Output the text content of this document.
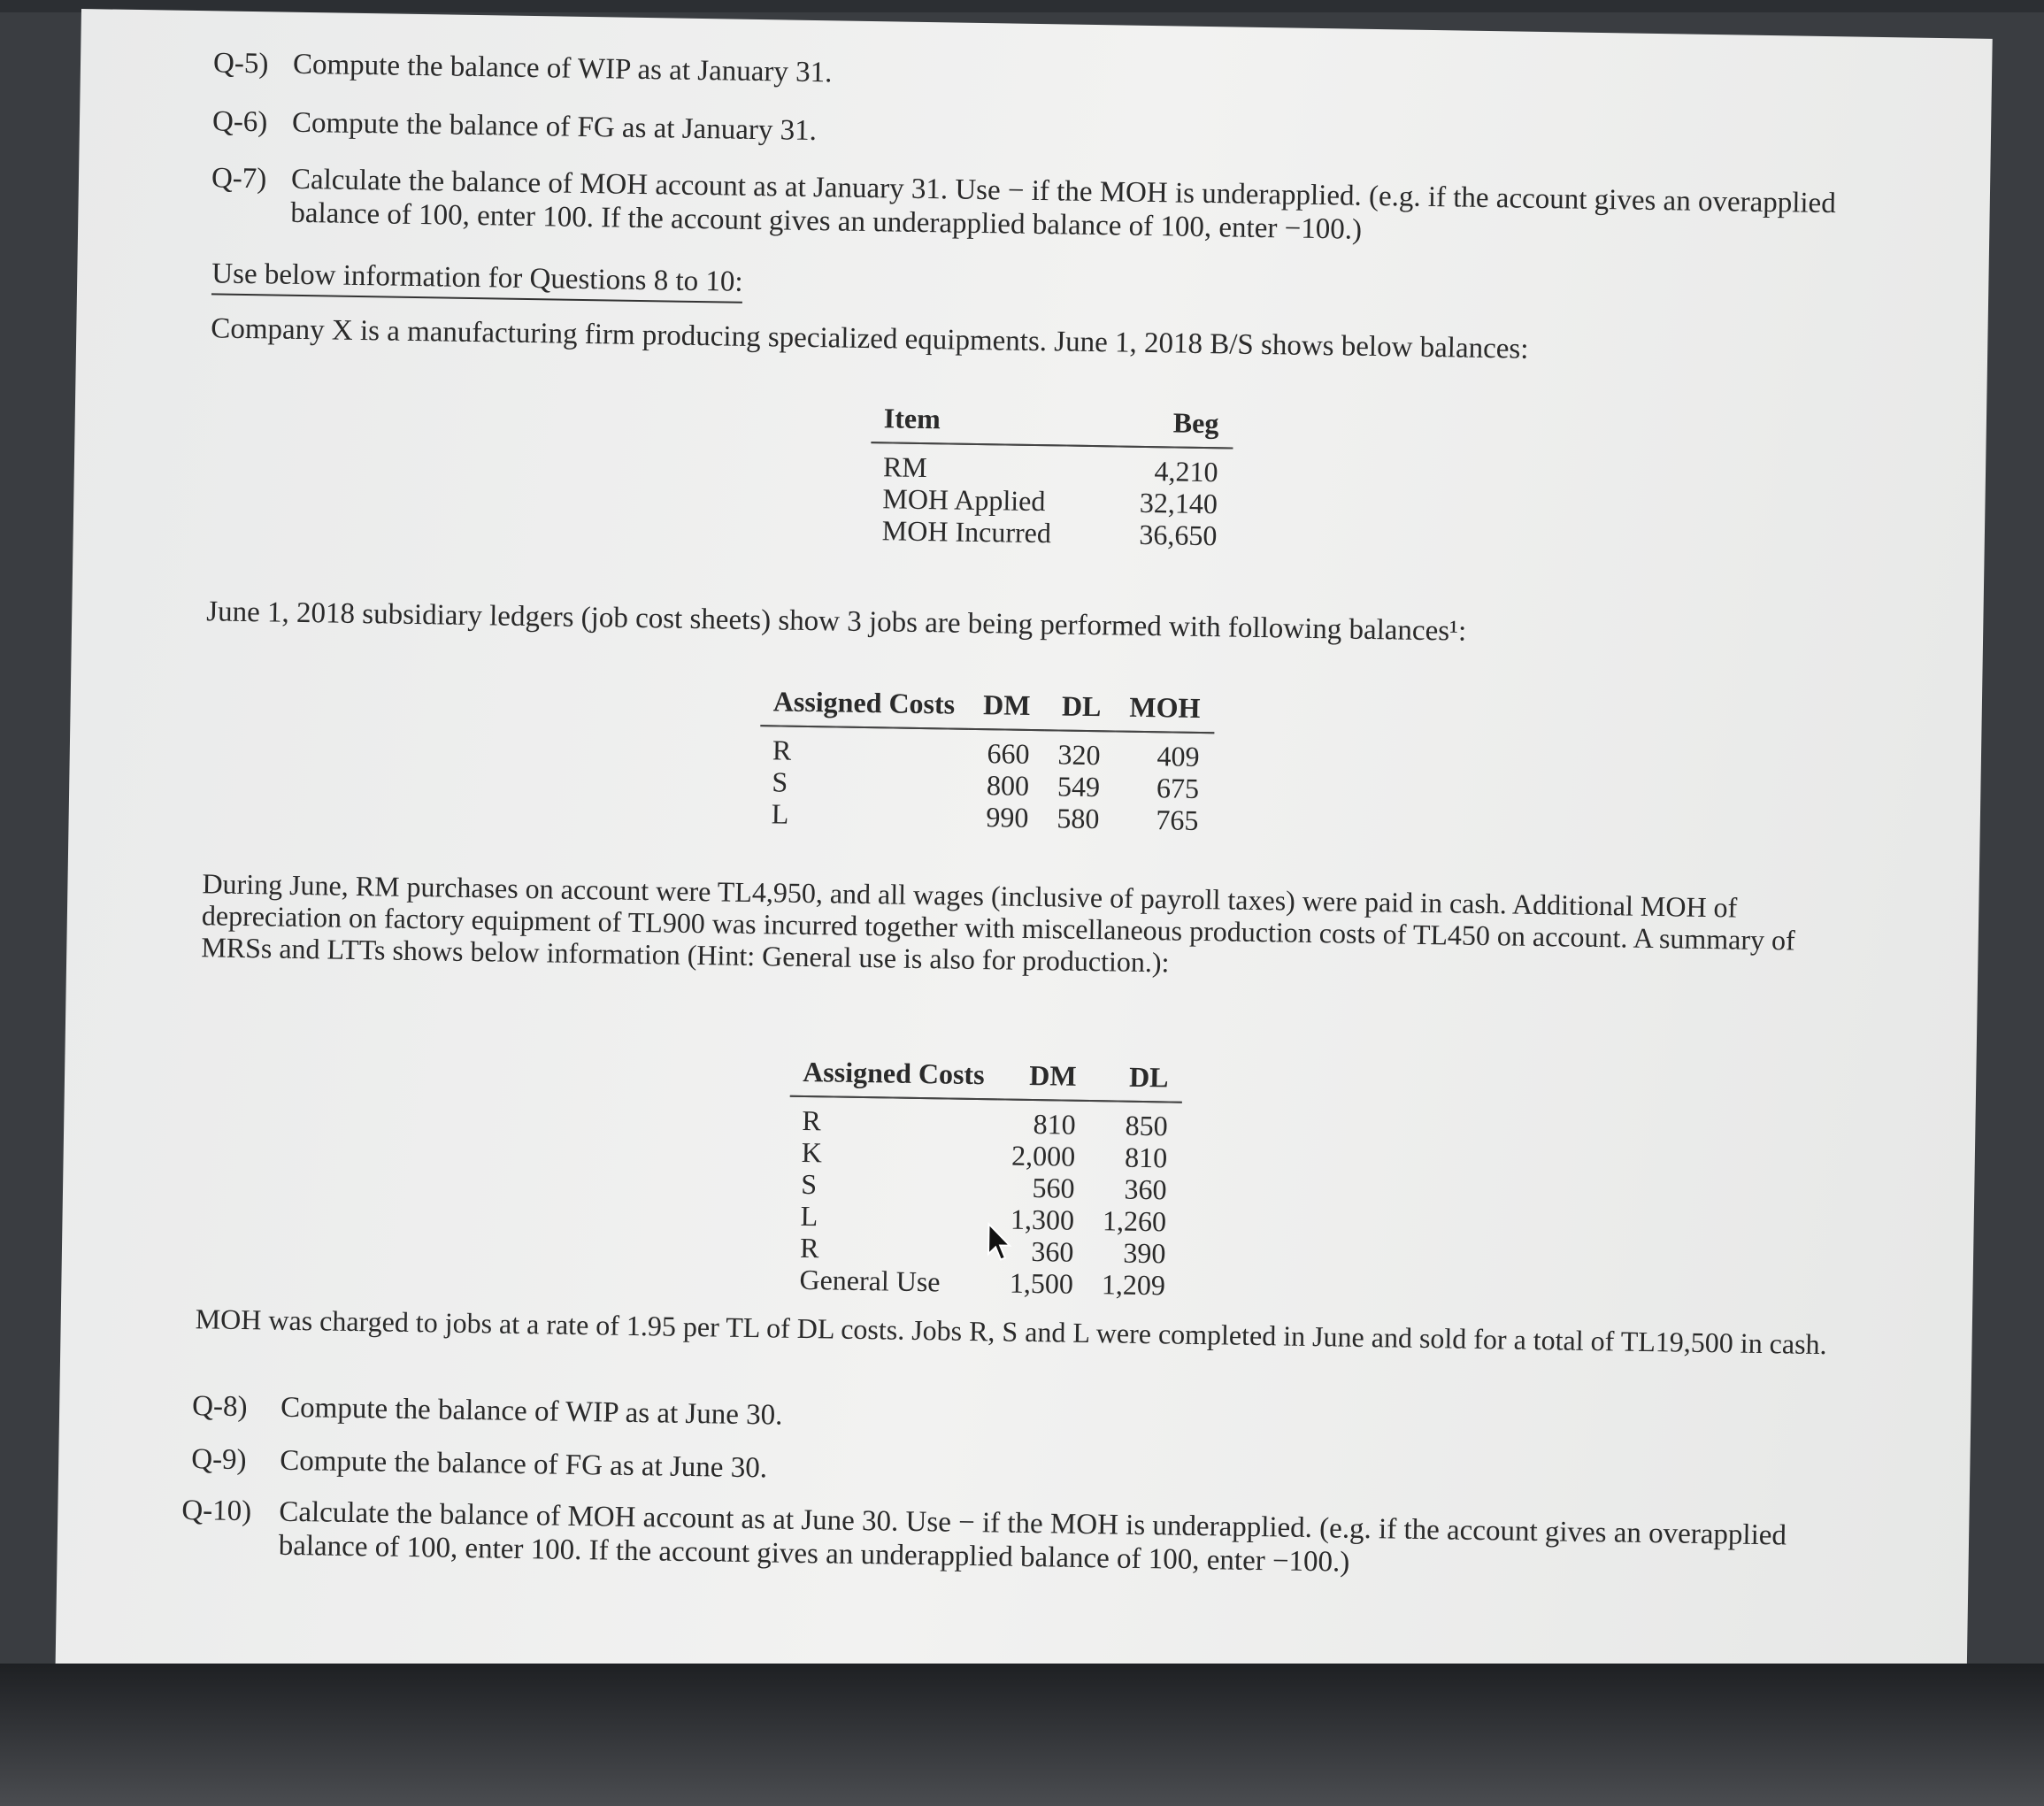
Q-5) Compute the balance of WIP as at January 31.
Q-6) Compute the balance of FG as at January 31.
Q-7) Calculate the balance of MOH account as at January 31. Use − if the MOH is underapplied. (e.g. if the account gives an overapplied balance of 100, enter 100. If the account gives an underapplied balance of 100, enter −100.)
Use below information for Questions 8 to 10:
Company X is a manufacturing firm producing specialized equipments. June 1, 2018 B/S shows below balances:
Item	Beg
RM	4,210
MOH Applied	32,140
MOH Incurred	36,650
June 1, 2018 subsidiary ledgers (job cost sheets) show 3 jobs are being performed with following balances¹:
Assigned Costs	DM	DL	MOH
R	660	320	409
S	800	549	675
L	990	580	765
During June, RM purchases on account were TL4,950, and all wages (inclusive of payroll taxes) were paid in cash. Additional MOH of depreciation on factory equipment of TL900 was incurred together with miscellaneous production costs of TL450 on account. A summary of MRSs and LTTs shows below information (Hint: General use is also for production.):
Assigned Costs	DM	DL
R	810	850
K	2,000	810
S	560	360
L	1,300	1,260
R	360	390
General Use	1,500	1,209
MOH was charged to jobs at a rate of 1.95 per TL of DL costs. Jobs R, S and L were completed in June and sold for a total of TL19,500 in cash.
Q-8) Compute the balance of WIP as at June 30.
Q-9) Compute the balance of FG as at June 30.
Q-10) Calculate the balance of MOH account as at June 30. Use − if the MOH is underapplied. (e.g. if the account gives an overapplied balance of 100, enter 100. If the account gives an underapplied balance of 100, enter −100.)
